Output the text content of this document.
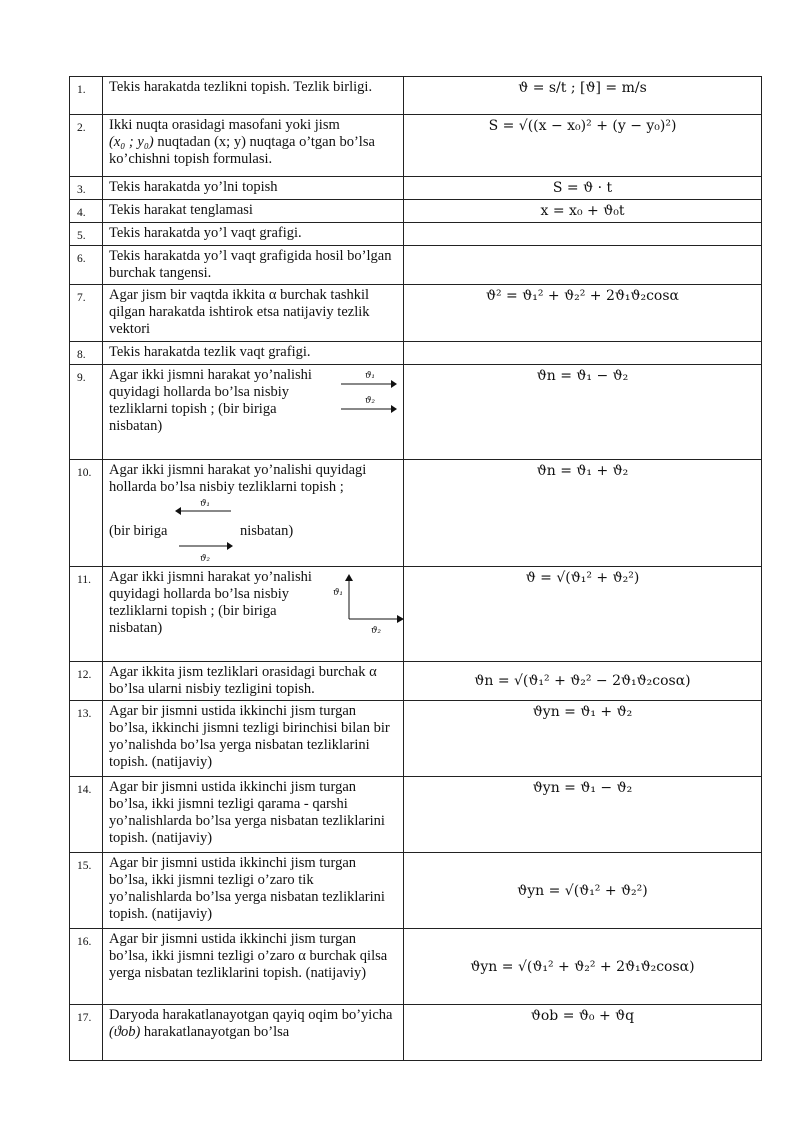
1.	Tekis harakatda tezlikni topish. Tezlik birligi.	ϑ = s/t ; [ϑ] = m/s
2.	Ikki nuqta orasidagi masofani yoki jism
(x₀ ; y₀) nuqtadan (x; y) nuqtaga o’tgan bo’lsa ko’chishni topish formulasi.	S = √((x − x₀)² + (y − y₀)²)
3.	Tekis harakatda yo’lni topish	S = ϑ · t
4.	Tekis harakat tenglamasi	x = x₀ + ϑ₀t
5.	Tekis harakatda yo’l vaqt grafigi.	
6.	Tekis harakatda yo’l vaqt grafigida hosil bo’lgan burchak tangensi.	
7.	Agar jism bir vaqtda ikkita α burchak tashkil qilgan harakatda ishtirok etsa natijaviy tezlik vektori	ϑ² = ϑ₁² + ϑ₂² + 2ϑ₁ϑ₂cosα
8.	Tekis harakatda tezlik vaqt grafigi.	
9.	Agar ikki jismni harakat yo’nalishi quyidagi hollarda bo’lsa nisbiy tezliklarni topish ; (bir biriga nisbatan)
ϑ₁
ϑ₂	ϑn = ϑ₁ − ϑ₂
10.	Agar ikki jismni harakat yo’nalishi quyidagi hollarda bo’lsa nisbiy tezliklarni topish ;
ϑ₁
ϑ₂
(bir biriga nisbatan)	ϑn = ϑ₁ + ϑ₂
11.	Agar ikki jismni harakat yo’nalishi quyidagi hollarda bo’lsa nisbiy tezliklarni topish ; (bir biriga nisbatan)
ϑ₁
ϑ₂	ϑ = √(ϑ₁² + ϑ₂²)
12.	Agar ikkita jism tezliklari orasidagi burchak α bo’lsa ularni nisbiy tezligini topish.	ϑn = √(ϑ₁² + ϑ₂² − 2ϑ₁ϑ₂cosα)
13.	Agar bir jismni ustida ikkinchi jism turgan bo’lsa, ikkinchi jismni tezligi birinchisi bilan bir yo’nalishda bo’lsa yerga nisbatan tezliklarini topish. (natijaviy)	ϑyn = ϑ₁ + ϑ₂
14.	Agar bir jismni ustida ikkinchi jism turgan bo’lsa, ikki jismni tezligi qarama - qarshi yo’nalishlarda bo’lsa yerga nisbatan tezliklarini topish. (natijaviy)	ϑyn = ϑ₁ − ϑ₂
15.	Agar bir jismni ustida ikkinchi jism turgan bo’lsa, ikki jismni tezligi o’zaro tik yo’nalishlarda bo’lsa yerga nisbatan tezliklarini topish. (natijaviy)	ϑyn = √(ϑ₁² + ϑ₂²)
16.	Agar bir jismni ustida ikkinchi jism turgan bo’lsa, ikki jismni tezligi o’zaro α burchak qilsa yerga nisbatan tezliklarini topish. (natijaviy)	ϑyn = √(ϑ₁² + ϑ₂² + 2ϑ₁ϑ₂cosα)
17.	Daryoda harakatlanayotgan qayiq oqim bo’yicha (ϑob) harakatlanayotgan bo’lsa	ϑob = ϑ₀ + ϑq
